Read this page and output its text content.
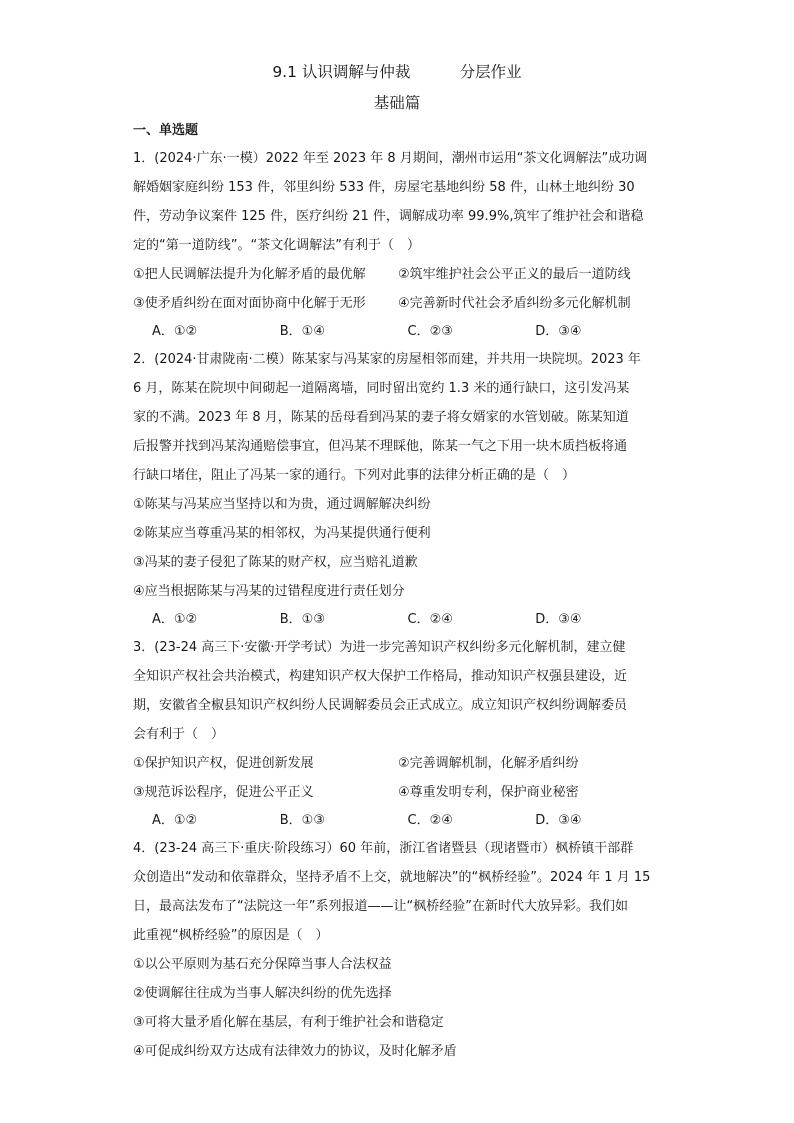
9.1 认识调解与仲裁	分层作业
基础篇
一、单选题
1．(2024·广东·一模）2022 年至 2023 年 8 月期间，潮州市运用“茶文化调解法”成功调
解婚姻家庭纠纷 153 件，邻里纠纷 533 件，房屋宅基地纠纷 58 件，山林土地纠纷 30
件，劳动争议案件 125 件，医疗纠纷 21 件，调解成功率 99.9%,筑牢了维护社会和谐稳
定的“第一道防线”。“茶文化调解法”有利于（　）
①把人民调解法提升为化解矛盾的最优解	②筑牢维护社会公平正义的最后一道防线
③使矛盾纠纷在面对面协商中化解于无形	④完善新时代社会矛盾纠纷多元化解机制
A．①②	B．①④	C．②③	D．③④
2．(2024·甘肃陇南·二模）陈某家与冯某家的房屋相邻而建，并共用一块院坝。2023 年
6 月，陈某在院坝中间砌起一道隔离墙，同时留出宽约 1.3 米的通行缺口，这引发冯某
家的不满。2023 年 8 月，陈某的岳母看到冯某的妻子将女婿家的水管划破。陈某知道
后报警并找到冯某沟通赔偿事宜，但冯某不理睬他，陈某一气之下用一块木质挡板将通
行缺口堵住，阻止了冯某一家的通行。下列对此事的法律分析正确的是（　）
①陈某与冯某应当坚持以和为贵，通过调解解决纠纷
②陈某应当尊重冯某的相邻权，为冯某提供通行便利
③冯某的妻子侵犯了陈某的财产权，应当赔礼道歉
④应当根据陈某与冯某的过错程度进行责任划分
A．①②	B．①③	C．②④	D．③④
3．(23-24 高三下·安徽·开学考试）为进一步完善知识产权纠纷多元化解机制，建立健
全知识产权社会共治模式，构建知识产权大保护工作格局，推动知识产权强县建设，近
期，安徽省全椒县知识产权纠纷人民调解委员会正式成立。成立知识产权纠纷调解委员
会有利于（　）
①保护知识产权，促进创新发展	②完善调解机制，化解矛盾纠纷
③规范诉讼程序，促进公平正义	④尊重发明专利，保护商业秘密
A．①②	B．①③	C．②④	D．③④
4．(23-24 高三下·重庆·阶段练习）60 年前，浙江省诸暨县（现诸暨市）枫桥镇干部群
众创造出“发动和依靠群众，坚持矛盾不上交，就地解决”的“枫桥经验”。2024 年 1 月 15
日，最高法发布了“法院这一年”系列报道——让“枫桥经验”在新时代大放异彩。我们如
此重视“枫桥经验”的原因是（　）
①以公平原则为基石充分保障当事人合法权益
②使调解往往成为当事人解决纠纷的优先选择
③可将大量矛盾化解在基层，有利于维护社会和谐稳定
④可促成纠纷双方达成有法律效力的协议，及时化解矛盾
